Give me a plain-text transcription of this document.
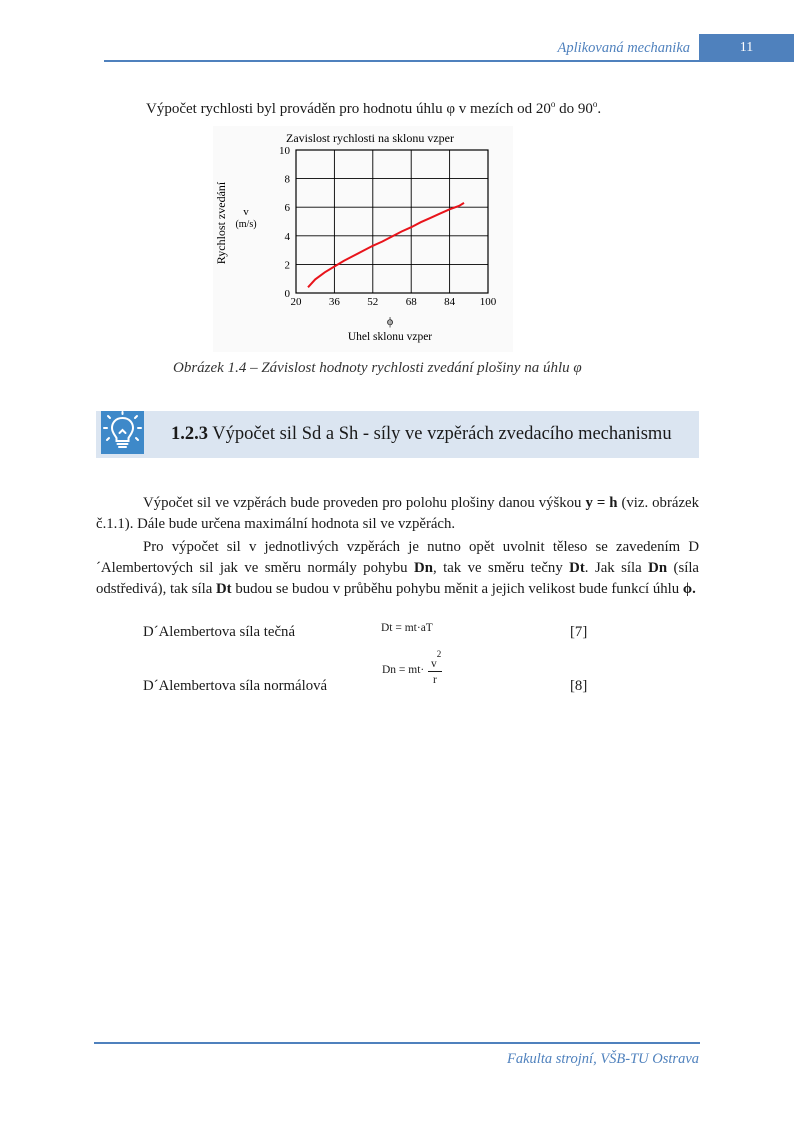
Aplikovaná mechanika	11
Výpočet rychlosti byl prováděn pro hodnotu úhlu φ v mezích od 20$^o$ do 90$^o$.
Zavislost rychlosti na sklonu vzper
20 36 52 68 84 100
0
2
4
6
8
10
ϕ
Uhel sklonu vzper
Rychlost zvedání v
(m/s)
Obrázek 1.4 – Závislost hodnoty rychlosti zvedání plošiny na úhlu φ
1.2.3 Výpočet sil Sd a Sh - síly ve vzpěrách zvedacího mechanismu
Výpočet sil ve vzpěrách bude proveden pro polohu plošiny danou výškou y = h (viz. obrázek č.1.1). Dále bude určena maximální hodnota sil ve vzpěrách.
Pro výpočet sil v jednotlivých vzpěrách je nutno opět uvolnit těleso se zavedením D´Alembertových sil jak ve směru normály pohybu Dn, tak ve směru tečny Dt. Jak síla Dn (síla odstředivá), tak síla Dt budou se budou v průběhu pohybu měnit a jejich velikost bude funkcí úhlu ϕ.
D´Alembertova síla tečná	Dt = mt·aT	[7]
D´Alembertova síla normálová
Dn = mt·
$v^2$
r	[8]
Fakulta strojní, VŠB-TU Ostrava
